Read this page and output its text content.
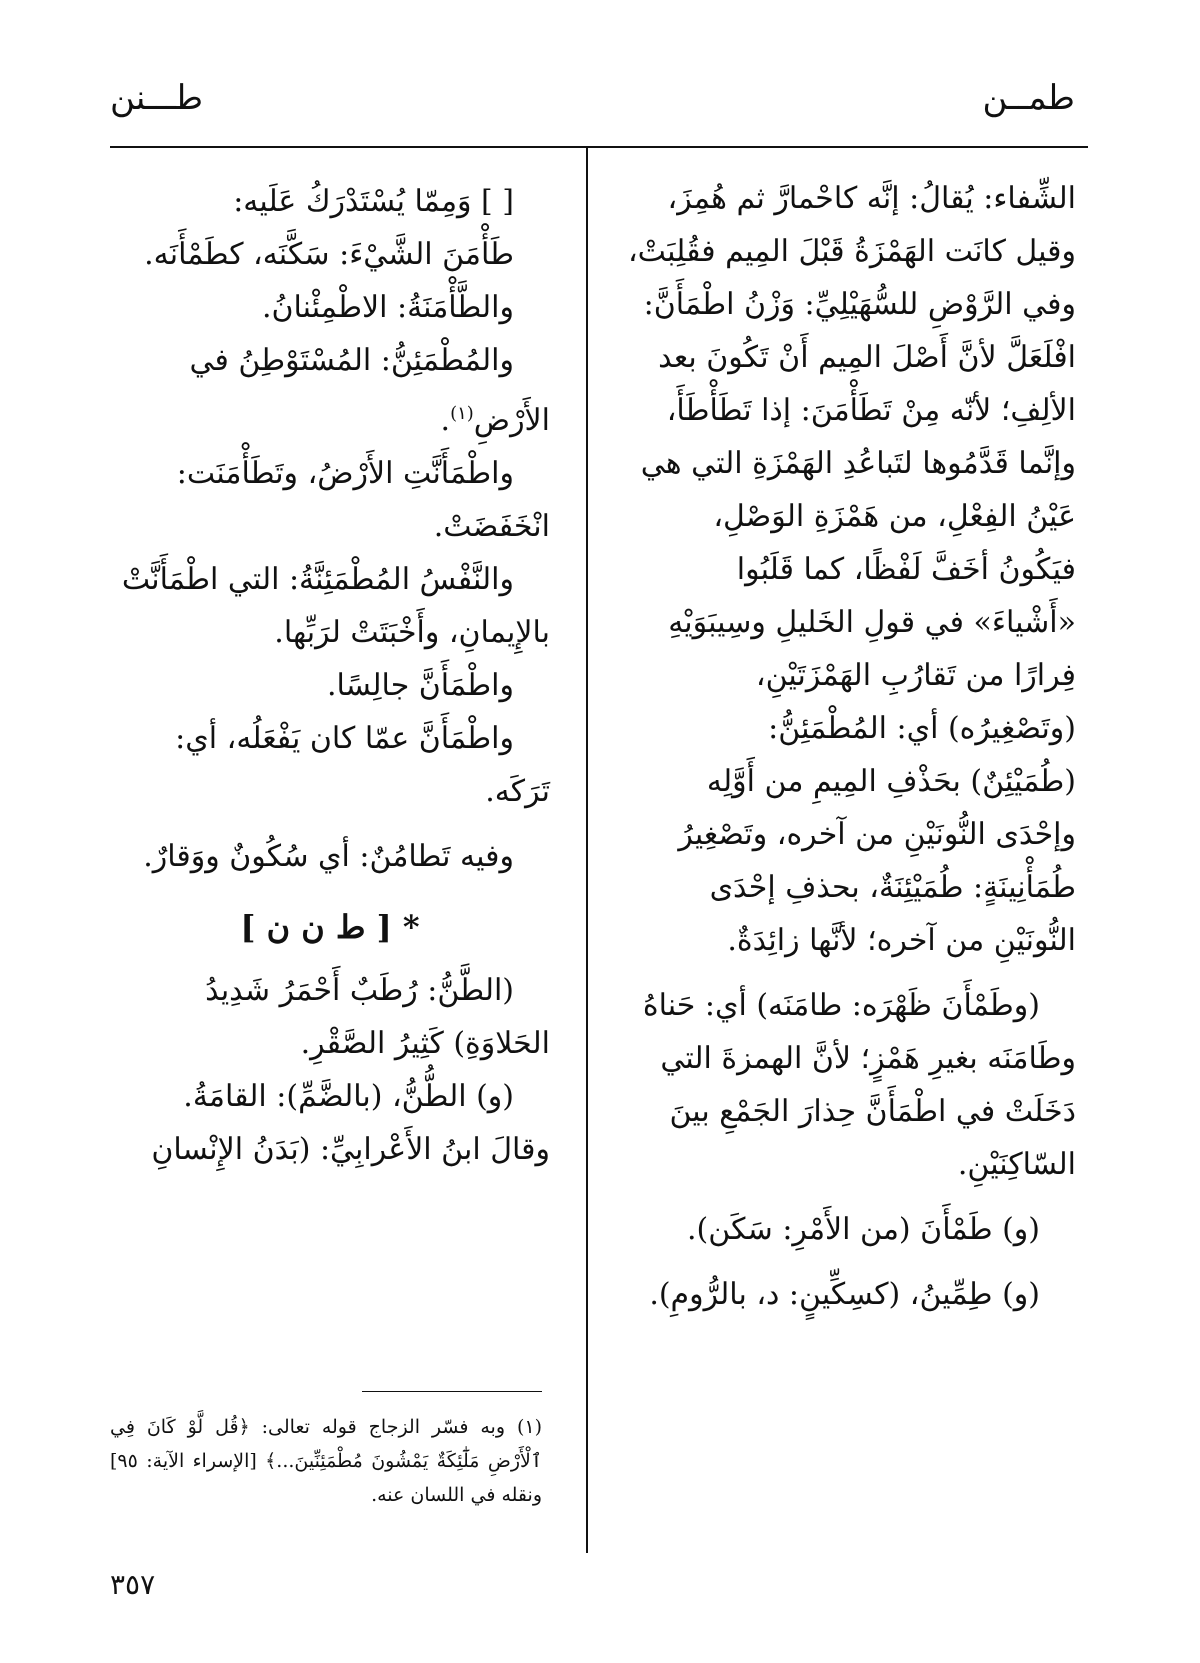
طمــن
طـــنن

الشِّفاء: يُقالُ: إنَّه كاحْمارَّ ثم هُمِزَ،

وقيل كانَت الهَمْزَةُ قَبْلَ المِيم فقُلِبَتْ،

وفي الرَّوْضِ للسُّهَيْلِيِّ: وَزْنُ اطْمَأَنَّ:

افْلَعَلَّ لأنَّ أَصْلَ المِيم أَنْ تَكُونَ بعد

الألِفِ؛ لأنّه مِنْ تَطَأْمَنَ: إذا تَطَأْطَأَ،

وإنَّما قَدَّمُوها لتَباعُدِ الهَمْزَةِ التي هي

عَيْنُ الفِعْلِ، من هَمْزَةِ الوَصْلِ،

فيَكُونُ أخَفَّ لَفْظًا، كما قَلَبُوا

«أَشْياءَ» في قولِ الخَليلِ وسِيبَوَيْهِ

فِرارًا من تَقارُبِ الهَمْزَتَيْنِ،

(وتَصْغِيرُه) أي: المُطْمَئِنُّ:

(طُمَيْئِنٌ) بحَذْفِ المِيمِ من أَوَّلِه

وإحْدَى النُّونَيْنِ من آخره، وتَصْغِيرُ

طُمَأْنِينَةٍ: طُمَيْئِنَةٌ، بحذفِ إحْدَى

النُّونَيْنِ من آخره؛ لأنَّها زائِدَةٌ.

(وطَمْأَنَ ظَهْرَه: طامَنَه) أي: حَناهُ

وطَامَنَه بغيرِ هَمْزٍ؛ لأنَّ الهمزةَ التي

دَخَلَتْ في اطْمَأَنَّ حِذارَ الجَمْعِ بينَ

السّاكِنَيْنِ.

(و) طَمْأَنَ (من الأَمْرِ: سَكَن).

(و) طِمِّينُ، (كسِكِّينٍ: د، بالرُّومِ).

[ ] وَمِمّا يُسْتَدْرَكُ عَلَيه:

طَأْمَنَ الشَّيْءَ: سَكَّنَه، كطَمْأَنَه.

والطَّأْمَنَةُ: الاطْمِئْنانُ.

والمُطْمَئِنُّ: المُسْتَوْطِنُ في

الأَرْضِ$^{(١)}$.

واطْمَأَنَّتِ الأَرْضُ، وتَطَأْمَنَت:

انْخَفَضَتْ.

والنَّفْسُ المُطْمَئِنَّةُ: التي اطْمَأَنَّتْ

بالإِيمانِ، وأَخْبَتَتْ لرَبِّها.

واطْمَأَنَّ جالِسًا.

واطْمَأَنَّ عمّا كان يَفْعَلُه، أي:

تَرَكَه.

وفيه تَطامُنٌ: أي سُكُونٌ ووَقارٌ.

* [ ط ن ن ]

(الطَّنُّ: رُطَبٌ أَحْمَرُ شَدِيدُ

الحَلاوَةِ) كَثِيرُ الصَّقْرِ.

(و) الطُّنُّ، (بالضَّمِّ): القامَةُ.

وقالَ ابنُ الأَعْرابِيِّ: (بَدَنُ الإِنْسانِ

(١) وبه فسّر الزجاج قوله تعالى: ﴿قُل لَّوْ كَانَ فِي ٱلْأَرْضِ مَلَٰٓئِكَةٌ يَمْشُونَ مُطْمَئِنِّينَ...﴾ [الإسراء الآية: ٩٥] ونقله في اللسان عنه.
٣٥٧
